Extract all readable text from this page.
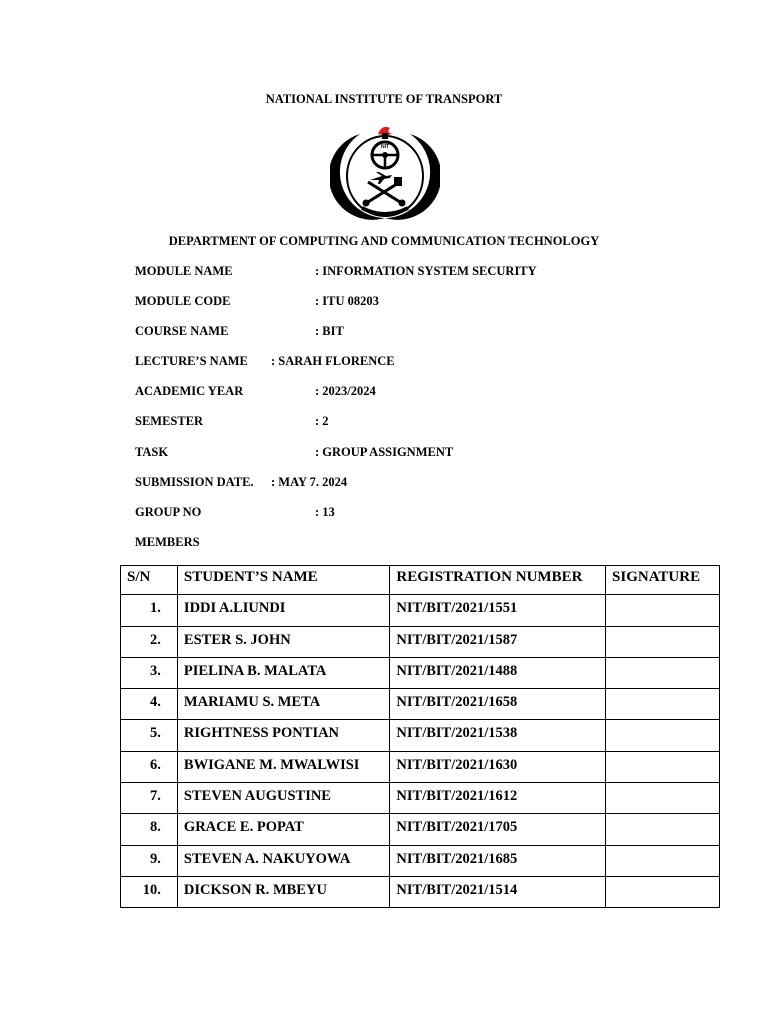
NATIONAL INSTITUTE OF TRANSPORT
NIT
DEPARTMENT OF COMPUTING AND COMMUNICATION TECHNOLOGY
MODULE NAME	: INFORMATION SYSTEM SECURITY
MODULE CODE	: ITU 08203
COURSE NAME	: BIT
LECTURE’S NAME : SARAH FLORENCE
ACADEMIC YEAR	: 2023/2024
SEMESTER	: 2
TASK	: GROUP ASSIGNMENT
SUBMISSION DATE. : MAY 7. 2024
GROUP NO	: 13
MEMBERS
S/N	STUDENT’S NAME	REGISTRATION NUMBER	SIGNATURE
1.	IDDI A.LIUNDI	NIT/BIT/2021/1551	
2.	ESTER S. JOHN	NIT/BIT/2021/1587	
3.	PIELINA B. MALATA	NIT/BIT/2021/1488	
4.	MARIAMU S. META	NIT/BIT/2021/1658	
5.	RIGHTNESS PONTIAN	NIT/BIT/2021/1538	
6.	BWIGANE M. MWALWISI	NIT/BIT/2021/1630	
7.	STEVEN AUGUSTINE	NIT/BIT/2021/1612	
8.	GRACE E. POPAT	NIT/BIT/2021/1705	
9.	STEVEN A. NAKUYOWA	NIT/BIT/2021/1685	
10.	DICKSON R. MBEYU	NIT/BIT/2021/1514	
